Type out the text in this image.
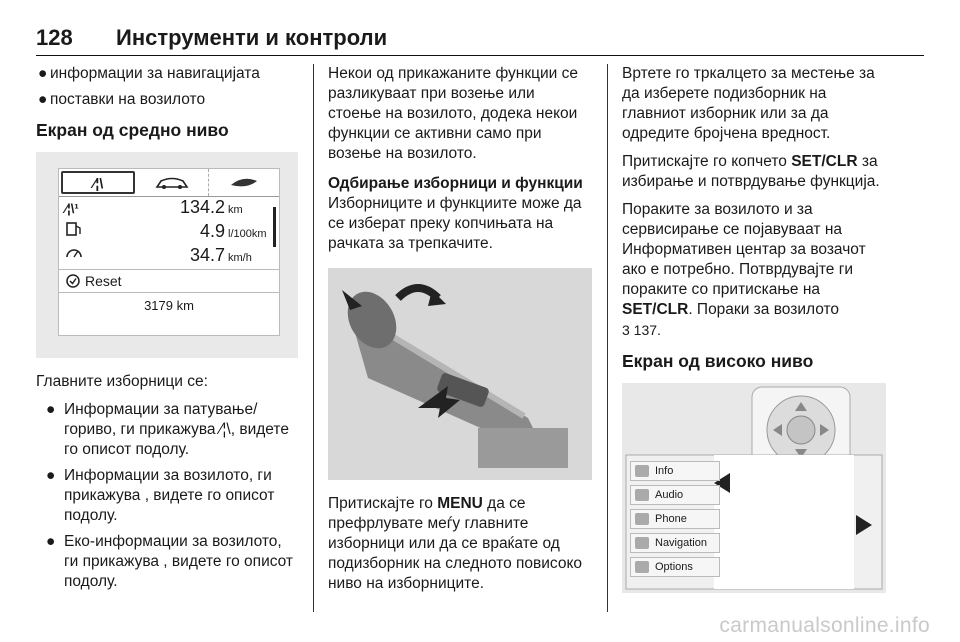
128	Инструменти и контроли
● информации за навигацијата
● поставки на возилото
Екран од средно ниво
⁄¦\
⁄¦\¹	134.2 km
4.9 l/100km
34.7 km/h
Reset
3179 km
Главните изборници се:
● Информации за патување/ гориво, ги прикажува ⁄¦\, видете го описот подолу.
● Информации за возилото, ги прикажува , видете го описот подолу.
● Еко-информации за возилото, ги прикажува , видете го описот подолу.
Некои од прикажаните функции се разликуваат при возење или стоење на возилото, додека некои функции се активни само при возење на возилото.
Одбирање изборници и функции
Изборниците и функциите може да се изберат преку копчињата на рачката за трепкачите.
Притискајте го MENU да се префрлувате меѓу главните изборници или да се враќате од подизборник на следното повисоко ниво на изборниците.
Вртете го тркалцето за местење за да изберете подизборник на главниот изборник или за да одредите бројчена вредност.
Притискајте го копчето SET/CLR за избирање и потврдување функција.
Пораките за возилото и за сервисирање се појавуваат на Информативен центар за возачот ако е потребно. Потврдувајте ги пораките со притискање на SET/CLR. Пораки за возилото
3 137.
Екран од високо ниво
Info
Audio
Phone
Navigation
Options
carmanualsonline.info
